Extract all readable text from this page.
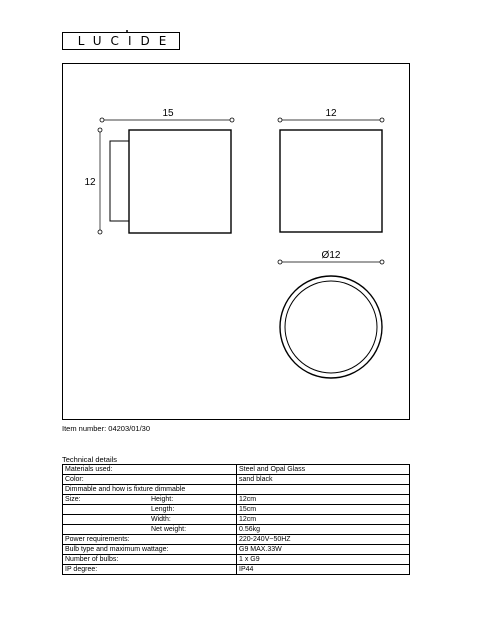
LUCIDE
15
12
12
Ø12
Item number: 04203/01/30
Technical details
Materials used:	Steel and Opal Glass
Color:	sand black
Dimmable and how is fixture dimmable	
Size: Height:	12cm
Length:	15cm
Width:	12cm
Net weight:	0.56kg
Power requirements:	220-240V~50HZ
Bulb type and maximum wattage:	G9 MAX.33W
Number of bulbs:	1 x G9
IP degree:	IP44
